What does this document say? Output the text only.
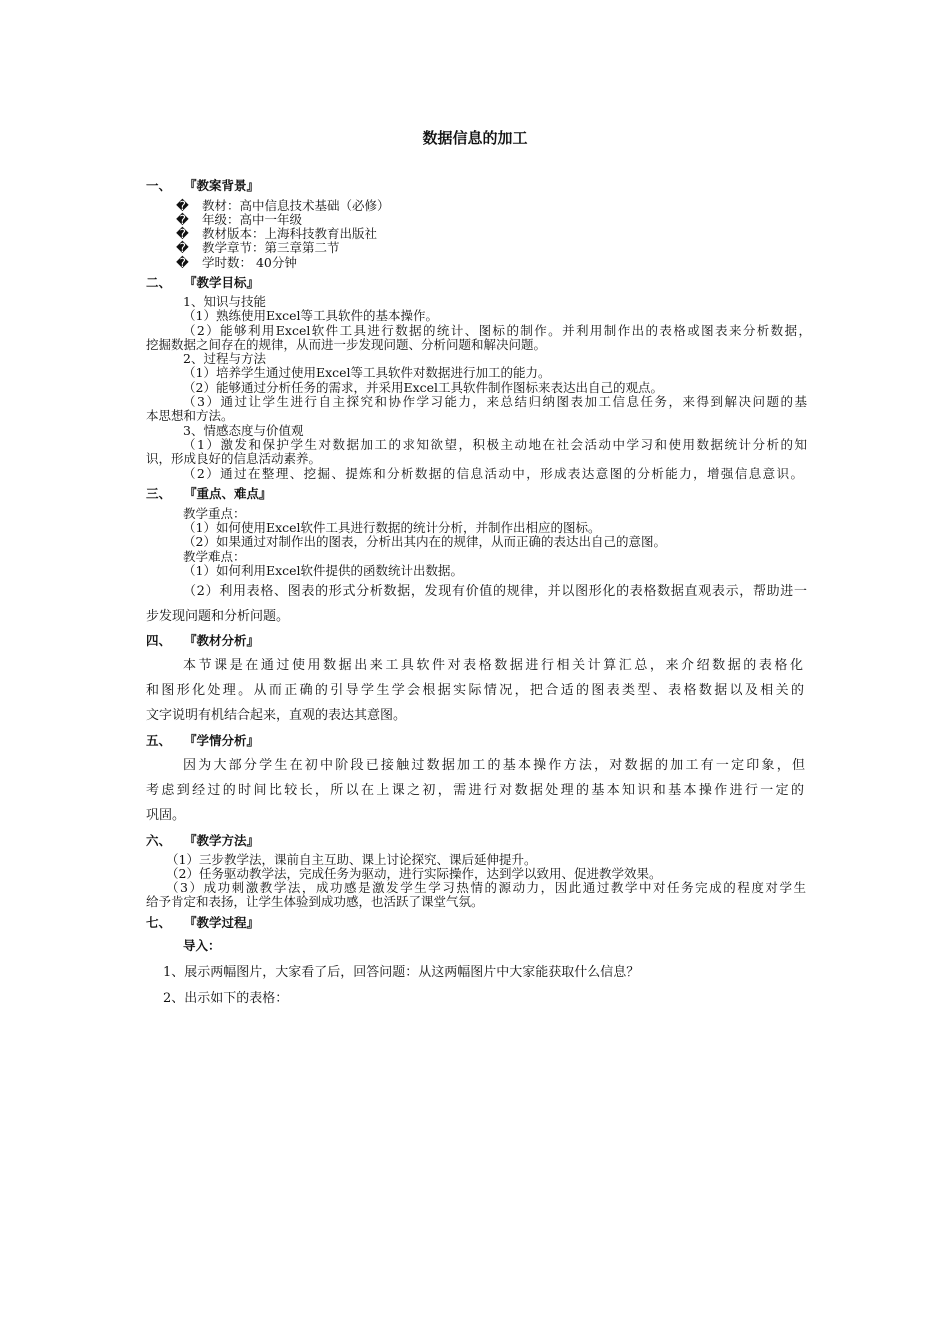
数据信息的加工
一、 『教案背景』
� 教材：高中信息技术基础（必修）
� 年级：高中一年级
� 教材版本：上海科技教育出版社
� 教学章节：第三章第二节
� 学时数： 40分钟
二、 『教学目标』
1、知识与技能
（1）熟练使用Excel等工具软件的基本操作。
（2）能够利用Excel软件工具进行数据的统计、图标的制作。并利用制作出的表格或图表来分析数据，
挖掘数据之间存在的规律，从而进一步发现问题、分析问题和解决问题。
2、过程与方法
（1）培养学生通过使用Excel等工具软件对数据进行加工的能力。
（2）能够通过分析任务的需求，并采用Excel工具软件制作图标来表达出自己的观点。
（3）通过让学生进行自主探究和协作学习能力，来总结归纳图表加工信息任务，来得到解决问题的基
本思想和方法。
3、情感态度与价值观
（1）激发和保护学生对数据加工的求知欲望，积极主动地在社会活动中学习和使用数据统计分析的知
识，形成良好的信息活动素养。
（2）通过在整理、挖掘、提炼和分析数据的信息活动中，形成表达意图的分析能力，增强信息意识。
三、 『重点、难点』
教学重点：
（1）如何使用Excel软件工具进行数据的统计分析，并制作出相应的图标。
（2）如果通过对制作出的图表，分析出其内在的规律，从而正确的表达出自己的意图。
教学难点：
（1）如何利用Excel软件提供的函数统计出数据。
（2）利用表格、图表的形式分析数据，发现有价值的规律，并以图形化的表格数据直观表示，帮助进一
步发现问题和分析问题。
四、 『教材分析』
本节课是在通过使用数据出来工具软件对表格数据进行相关计算汇总，来介绍数据的表格化
和图形化处理。从而正确的引导学生学会根据实际情况，把合适的图表类型、表格数据以及相关的
文字说明有机结合起来，直观的表达其意图。
五、 『学情分析』
因为大部分学生在初中阶段已接触过数据加工的基本操作方法，对数据的加工有一定印象，但
考虑到经过的时间比较长，所以在上课之初，需进行对数据处理的基本知识和基本操作进行一定的
巩固。
六、 『教学方法』
（1）三步教学法，课前自主互助、课上讨论探究、课后延伸提升。
（2）任务驱动教学法，完成任务为驱动，进行实际操作，达到学以致用、促进教学效果。
（3）成功刺激教学法，成功感是激发学生学习热情的源动力，因此通过教学中对任务完成的程度对学生
给予肯定和表扬，让学生体验到成功感，也活跃了课堂气氛。
七、 『教学过程』
导入：
1、展示两幅图片，大家看了后，回答问题：从这两幅图片中大家能获取什么信息？
2、出示如下的表格：
